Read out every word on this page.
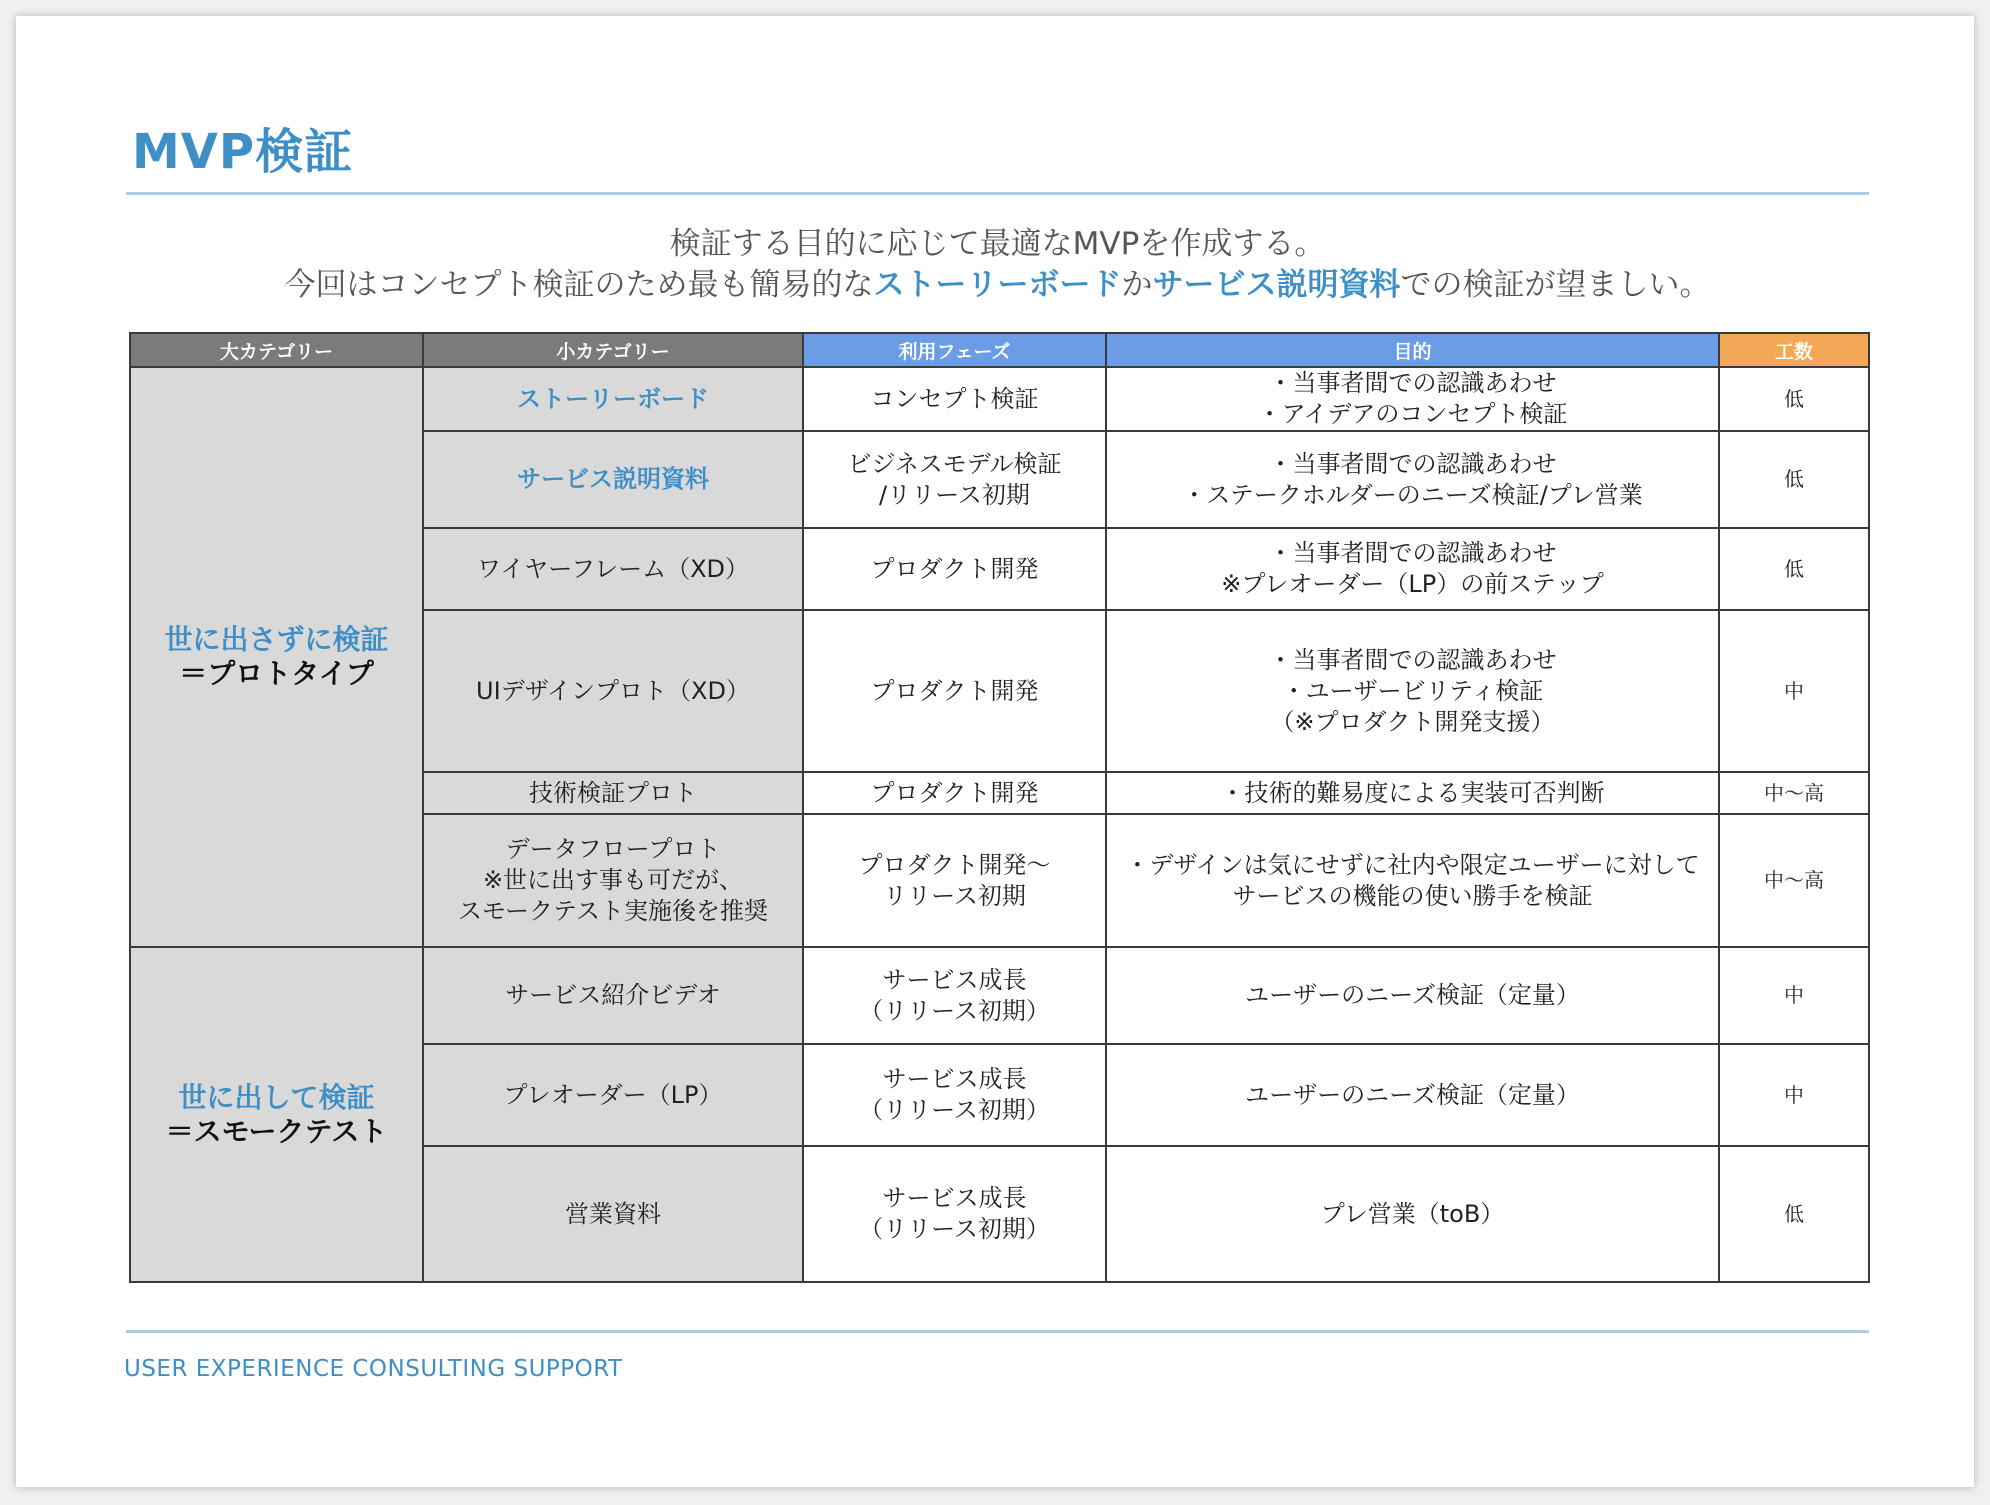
MVP検証
検証する目的に応じて最適なMVPを作成する。
今回はコンセプト検証のため最も簡易的なストーリーボードかサービス説明資料での検証が望ましい。
大カテゴリー	小カテゴリー	利用フェーズ	目的	工数

世に出さずに検証
＝プロトタイプ	ストーリーボード	コンセプト検証	・当事者間での認識あわせ
・アイデアのコンセプト検証	低

	サービス説明資料	ビジネスモデル検証
/リリース初期	・当事者間での認識あわせ
・ステークホルダーのニーズ検証/プレ営業	低

	ワイヤーフレーム（XD）	プロダクト開発	・当事者間での認識あわせ
※プレオーダー（LP）の前ステップ	低

	UIデザインプロト（XD）	プロダクト開発	・当事者間での認識あわせ
・ユーザービリティ検証
（※プロダクト開発支援）	中

	技術検証プロト	プロダクト開発	・技術的難易度による実装可否判断	中〜高

	データフロープロト
※世に出す事も可だが、
スモークテスト実施後を推奨	プロダクト開発〜
リリース初期	・デザインは気にせずに社内や限定ユーザーに対して
サービスの機能の使い勝手を検証	中〜高

世に出して検証
＝スモークテスト	サービス紹介ビデオ	サービス成長
（リリース初期）	ユーザーのニーズ検証（定量）	中

	プレオーダー（LP）	サービス成長
（リリース初期）	ユーザーのニーズ検証（定量）	中

	営業資料	サービス成長
（リリース初期）	プレ営業（toB）	低
USER EXPERIENCE CONSULTING SUPPORT
